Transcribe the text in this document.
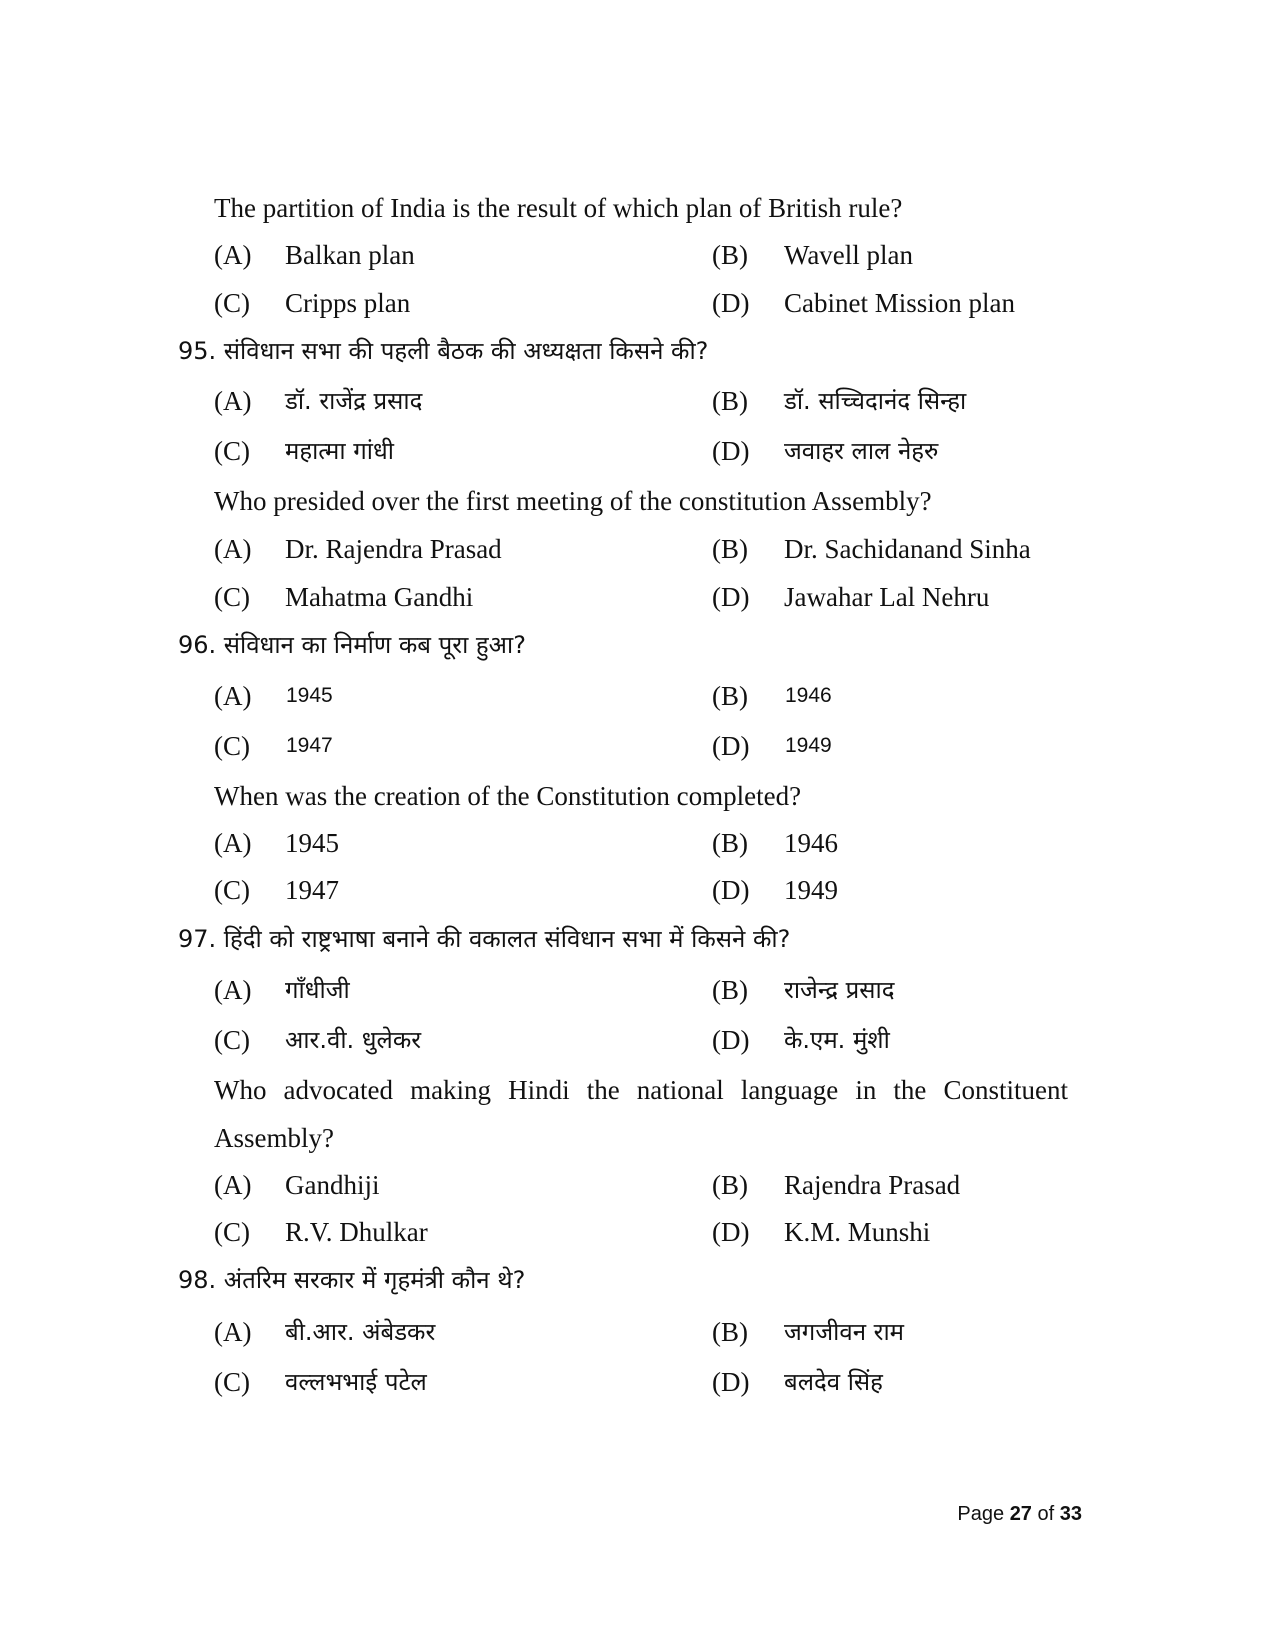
The partition of India is the result of which plan of British rule?
(A) Balkan plan	(B) Wavell plan
(C) Cripps plan	(D) Cabinet Mission plan
95. संविधान सभा की पहली बैठक की अध्यक्षता किसने की?
(A) डॉ. राजेंद्र प्रसाद	(B) डॉ. सच्चिदानंद सिन्हा
(C) महात्मा गांधी	(D) जवाहर लाल नेहरु
Who presided over the first meeting of the constitution Assembly?
(A) Dr. Rajendra Prasad	(B) Dr. Sachidanand Sinha
(C) Mahatma Gandhi	(D) Jawahar Lal Nehru
96. संविधान का निर्माण कब पूरा हुआ?
(A) 1945	(B) 1946
(C) 1947	(D) 1949
When was the creation of the Constitution completed?
(A) 1945	(B) 1946
(C) 1947	(D) 1949
97. हिंदी को राष्ट्रभाषा बनाने की वकालत संविधान सभा में किसने की?
(A) गाँधीजी	(B) राजेन्द्र प्रसाद
(C) आर.वी. धुलेकर	(D) के.एम. मुंशी
Who advocated making Hindi the national language in the Constituent
Assembly?
(A) Gandhiji	(B) Rajendra Prasad
(C) R.V. Dhulkar	(D) K.M. Munshi
98. अंतरिम सरकार में गृहमंत्री कौन थे?
(A) बी.आर. अंबेडकर	(B) जगजीवन राम
(C) वल्लभभाई पटेल	(D) बलदेव सिंह
Page 27 of 33
